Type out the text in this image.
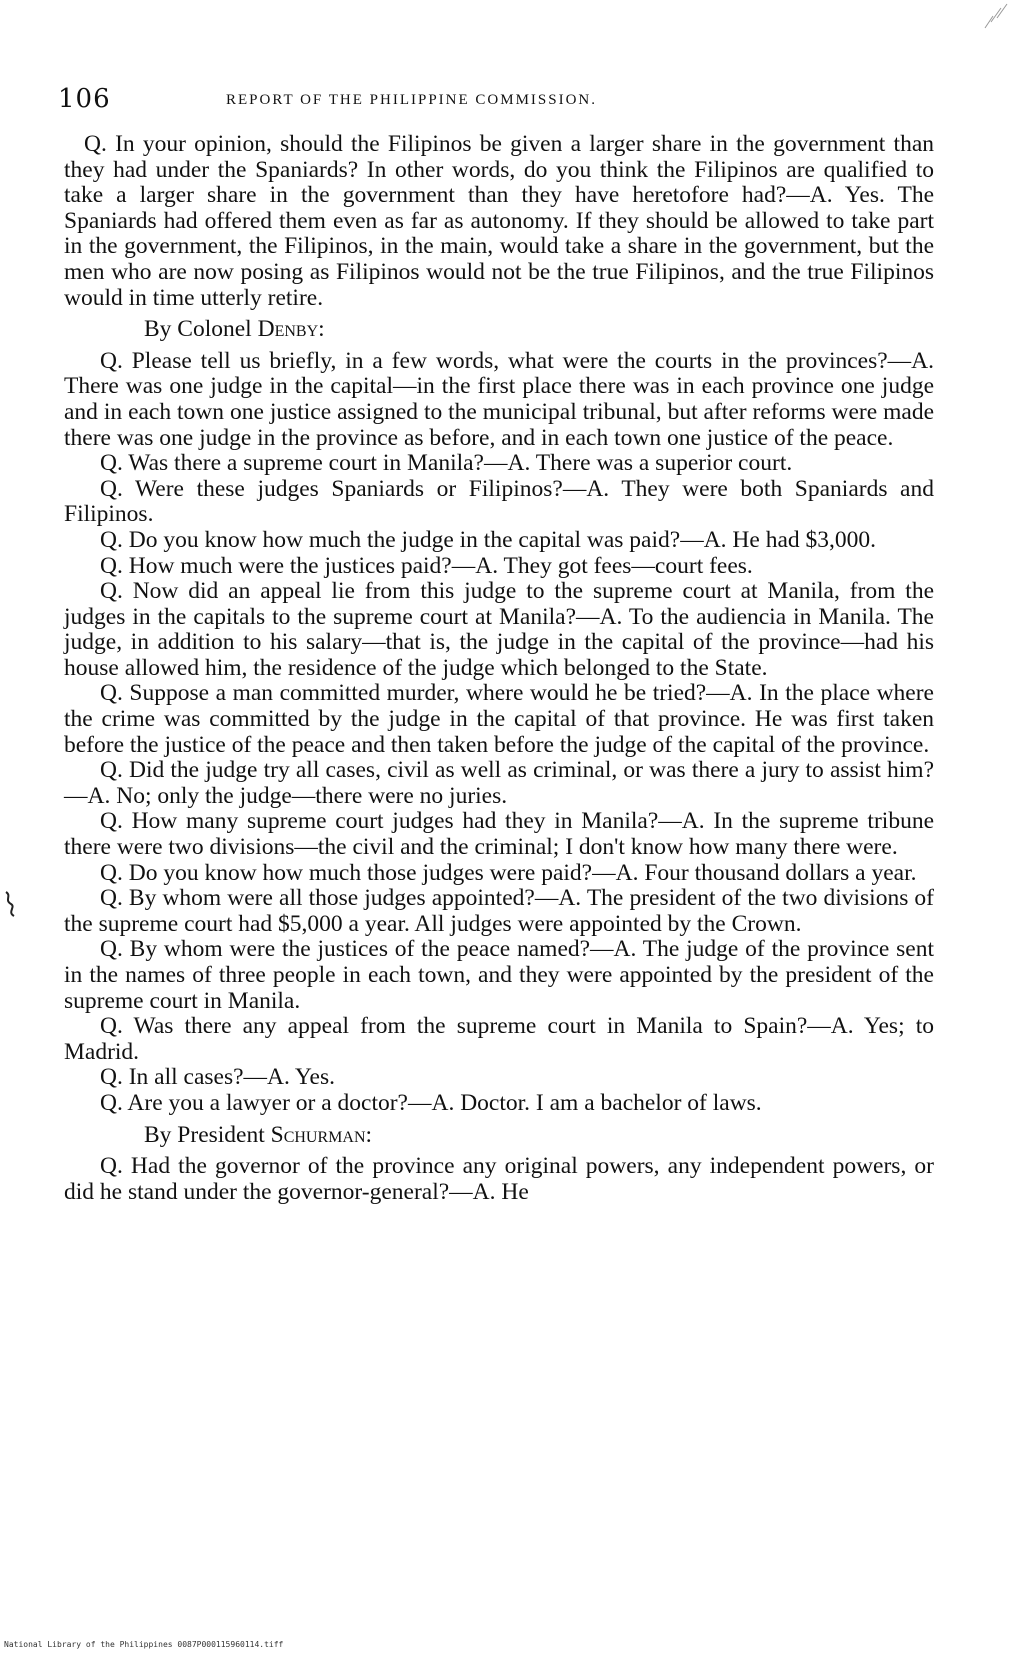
106	REPORT OF THE PHILIPPINE COMMISSION.

Q. In your opinion, should the Filipinos be given a larger share in the government than they had under the Spaniards? In other words, do you think the Filipinos are qualified to take a larger share in the government than they have heretofore had?—A. Yes. The Spaniards had offered them even as far as autonomy. If they should be allowed to take part in the government, the Filipinos, in the main, would take a share in the government, but the men who are now posing as Filipinos would not be the true Filipinos, and the true Filipinos would in time utterly retire.

By Colonel Denby:

Q. Please tell us briefly, in a few words, what were the courts in the provinces?—A. There was one judge in the capital—in the first place there was in each province one judge and in each town one justice assigned to the municipal tribunal, but after reforms were made there was one judge in the province as before, and in each town one justice of the peace.

Q. Was there a supreme court in Manila?—A. There was a superior court.

Q. Were these judges Spaniards or Filipinos?—A. They were both Spaniards and Filipinos.

Q. Do you know how much the judge in the capital was paid?—A. He had $3,000.

Q. How much were the justices paid?—A. They got fees—court fees.

Q. Now did an appeal lie from this judge to the supreme court at Manila, from the judges in the capitals to the supreme court at Manila?—A. To the audiencia in Manila. The judge, in addition to his salary—that is, the judge in the capital of the province—had his house allowed him, the residence of the judge which belonged to the State.

Q. Suppose a man committed murder, where would he be tried?—A. In the place where the crime was committed by the judge in the capital of that province. He was first taken before the justice of the peace and then taken before the judge of the capital of the province.

Q. Did the judge try all cases, civil as well as criminal, or was there a jury to assist him?—A. No; only the judge—there were no juries.

Q. How many supreme court judges had they in Manila?—A. In the supreme tribune there were two divisions—the civil and the criminal; I don't know how many there were.

Q. Do you know how much those judges were paid?—A. Four thousand dollars a year.

Q. By whom were all those judges appointed?—A. The president of the two divisions of the supreme court had $5,000 a year. All judges were appointed by the Crown.

Q. By whom were the justices of the peace named?—A. The judge of the province sent in the names of three people in each town, and they were appointed by the president of the supreme court in Manila.

Q. Was there any appeal from the supreme court in Manila to Spain?—A. Yes; to Madrid.

Q. In all cases?—A. Yes.

Q. Are you a lawyer or a doctor?—A. Doctor. I am a bachelor of laws.

By President Schurman:

Q. Had the governor of the province any original powers, any independent powers, or did he stand under the governor-general?—A. He

National Library of the Philippines 0087P000115960114.tiff
